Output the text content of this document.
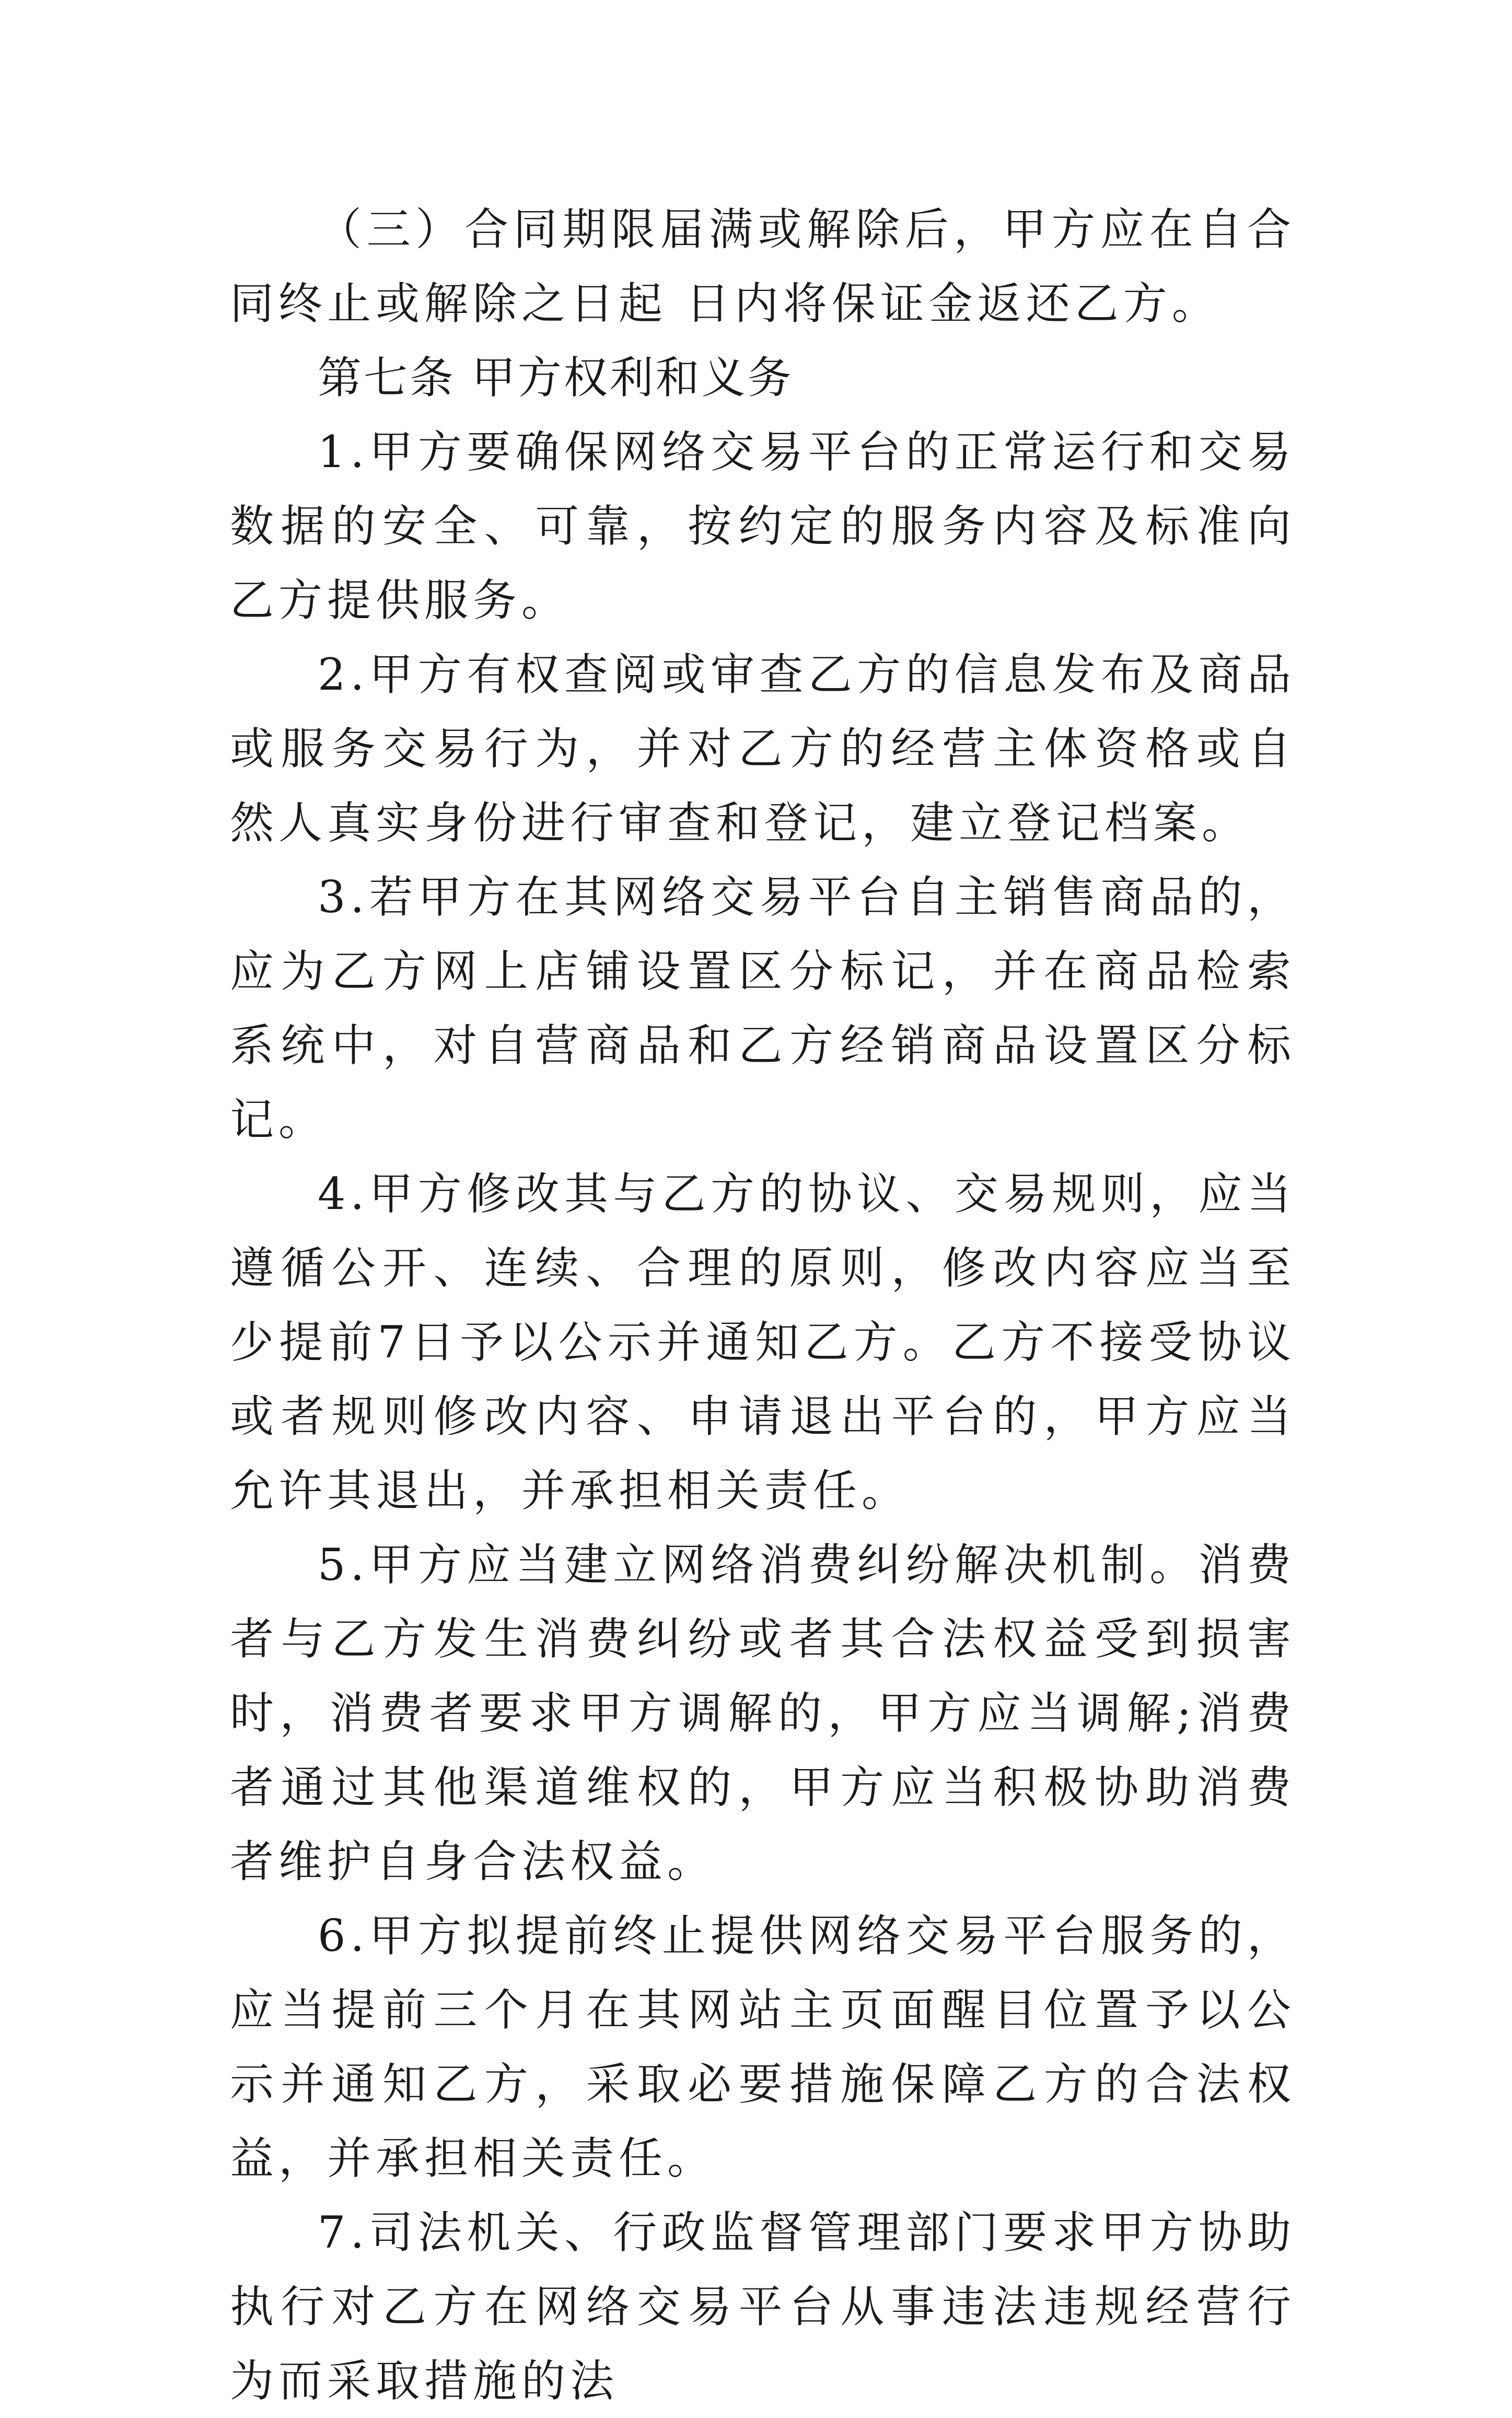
（三）合同期限届满或解除后，甲方应在自合同终止或解除之日起 日内将保证金返还乙方。

第七条 甲方权利和义务

1.甲方要确保网络交易平台的正常运行和交易数据的安全、可靠，按约定的服务内容及标准向乙方提供服务。

2.甲方有权查阅或审查乙方的信息发布及商品或服务交易行为，并对乙方的经营主体资格或自然人真实身份进行审查和登记，建立登记档案。

3.若甲方在其网络交易平台自主销售商品的，应为乙方网上店铺设置区分标记，并在商品检索系统中，对自营商品和乙方经销商品设置区分标记。

4.甲方修改其与乙方的协议、交易规则，应当遵循公开、连续、合理的原则，修改内容应当至少提前7日予以公示并通知乙方。乙方不接受协议或者规则修改内容、申请退出平台的，甲方应当允许其退出，并承担相关责任。

5.甲方应当建立网络消费纠纷解决机制。消费者与乙方发生消费纠纷或者其合法权益受到损害时，消费者要求甲方调解的，甲方应当调解;消费者通过其他渠道维权的，甲方应当积极协助消费者维护自身合法权益。

6.甲方拟提前终止提供网络交易平台服务的，应当提前三个月在其网站主页面醒目位置予以公示并通知乙方，采取必要措施保障乙方的合法权益，并承担相关责任。

7.司法机关、行政监督管理部门要求甲方协助执行对乙方在网络交易平台从事违法违规经营行为而采取措施的法
